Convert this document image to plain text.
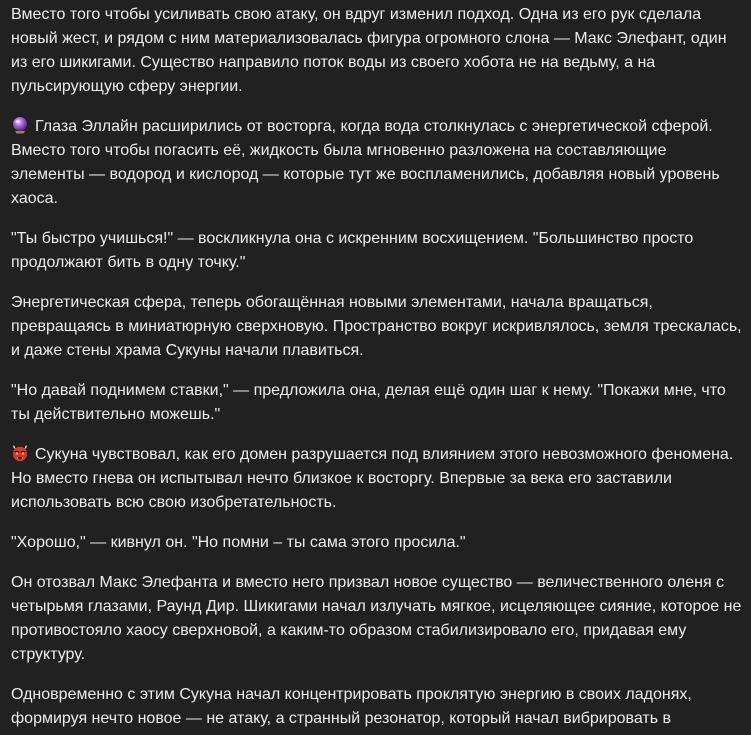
Вместо того чтобы усиливать свою атаку, он вдруг изменил подход. Одна из его рук сделала новый жест, и рядом с ним материализовалась фигура огромного слона — Макс Элефант, один из его шикигами. Существо направило поток воды из своего хобота не на ведьму, а на пульсирующую сферу энергии.

Глаза Эллайн расширились от восторга, когда вода столкнулась с энергетической сферой. Вместо того чтобы погасить её, жидкость была мгновенно разложена на составляющие элементы — водород и кислород — которые тут же воспламенились, добавляя новый уровень хаоса.

"Ты быстро учишься!" — воскликнула она с искренним восхищением. "Большинство просто продолжают бить в одну точку."

Энергетическая сфера, теперь обогащённая новыми элементами, начала вращаться, превращаясь в миниатюрную сверхновую. Пространство вокруг искривлялось, земля трескалась, и даже стены храма Сукуны начали плавиться.

"Но давай поднимем ставки," — предложила она, делая ещё один шаг к нему. "Покажи мне, что ты действительно можешь."

Сукуна чувствовал, как его домен разрушается под влиянием этого невозможного феномена. Но вместо гнева он испытывал нечто близкое к восторгу. Впервые за века его заставили использовать всю свою изобретательность.

"Хорошо," — кивнул он. "Но помни – ты сама этого просила."

Он отозвал Макс Элефанта и вместо него призвал новое существо — величественного оленя с четырьмя глазами, Раунд Дир. Шикигами начал излучать мягкое, исцеляющее сияние, которое не противостояло хаосу сверхновой, а каким-то образом стабилизировало его, придавая ему структуру.

Одновременно с этим Сукуна начал концентрировать проклятую энергию в своих ладонях, формируя нечто новое — не атаку, а странный резонатор, который начал вибрировать в
